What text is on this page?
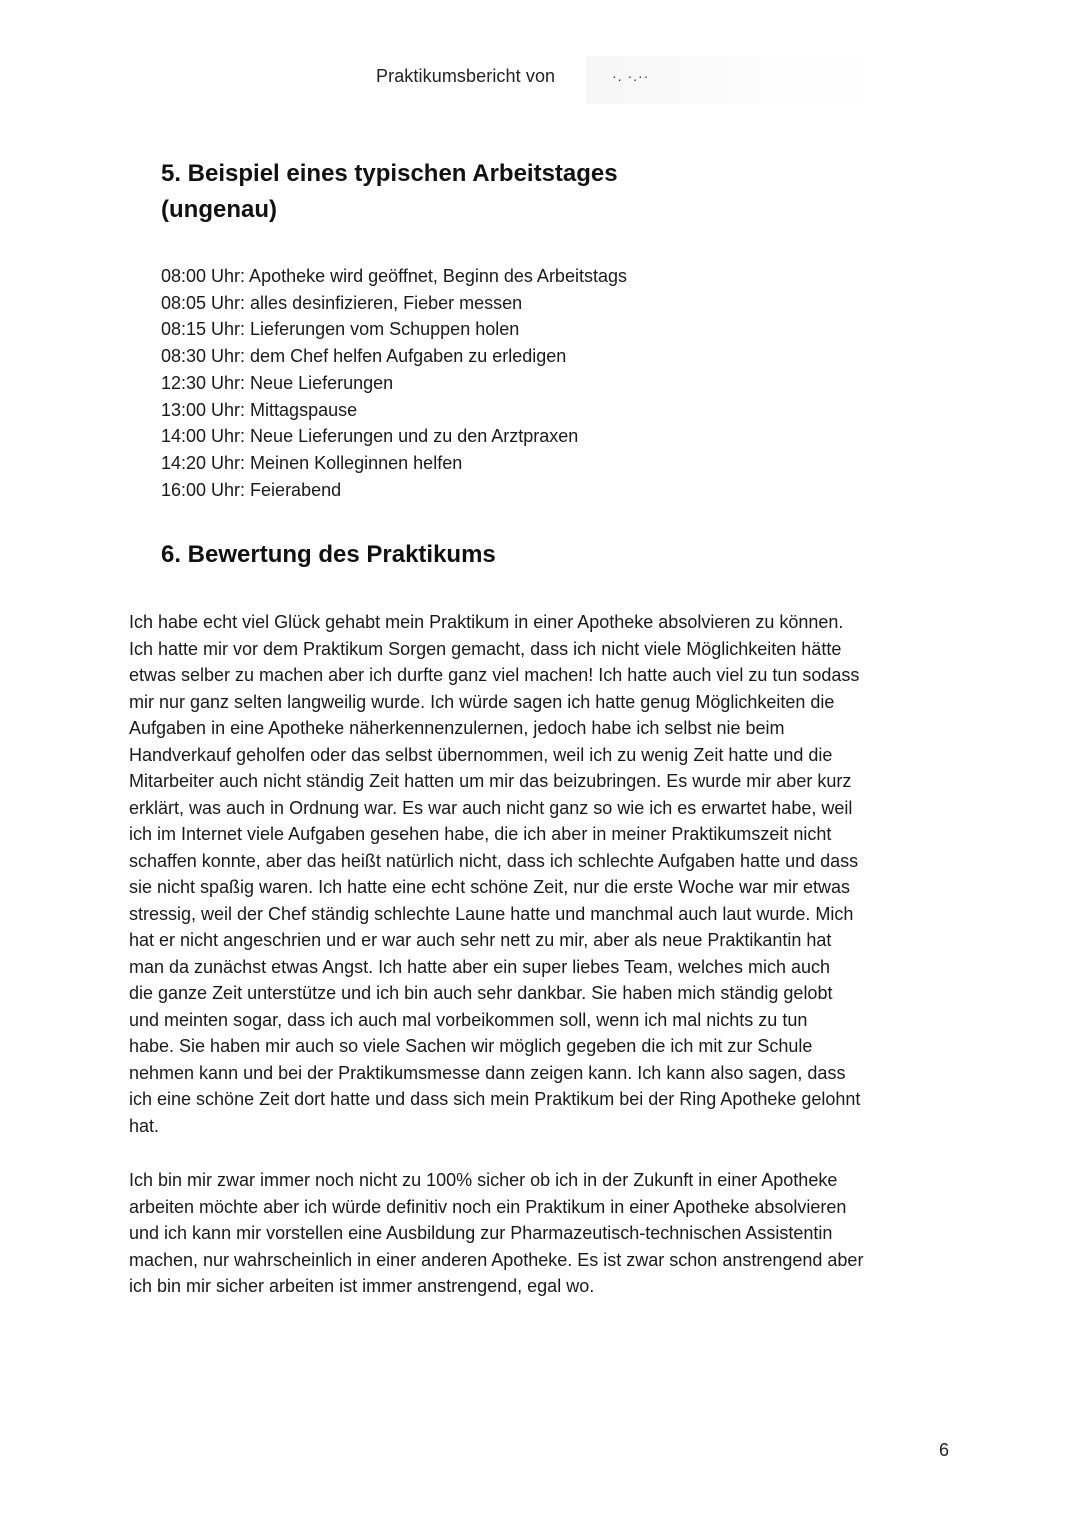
Praktikumsbericht von	·. ·.··
5. Beispiel eines typischen Arbeitstages
(ungenau)
08:00 Uhr: Apotheke wird geöffnet, Beginn des Arbeitstags
08:05 Uhr: alles desinfizieren, Fieber messen
08:15 Uhr: Lieferungen vom Schuppen holen
08:30 Uhr: dem Chef helfen Aufgaben zu erledigen
12:30 Uhr: Neue Lieferungen
13:00 Uhr: Mittagspause
14:00 Uhr: Neue Lieferungen und zu den Arztpraxen
14:20 Uhr: Meinen Kolleginnen helfen
16:00 Uhr: Feierabend
6. Bewertung des Praktikums

Ich habe echt viel Glück gehabt mein Praktikum in einer Apotheke absolvieren zu können.
Ich hatte mir vor dem Praktikum Sorgen gemacht, dass ich nicht viele Möglichkeiten hätte
etwas selber zu machen aber ich durfte ganz viel machen! Ich hatte auch viel zu tun sodass
mir nur ganz selten langweilig wurde. Ich würde sagen ich hatte genug Möglichkeiten die
Aufgaben in eine Apotheke näherkennenzulernen, jedoch habe ich selbst nie beim
Handverkauf geholfen oder das selbst übernommen, weil ich zu wenig Zeit hatte und die
Mitarbeiter auch nicht ständig Zeit hatten um mir das beizubringen. Es wurde mir aber kurz
erklärt, was auch in Ordnung war. Es war auch nicht ganz so wie ich es erwartet habe, weil
ich im Internet viele Aufgaben gesehen habe, die ich aber in meiner Praktikumszeit nicht
schaffen konnte, aber das heißt natürlich nicht, dass ich schlechte Aufgaben hatte und dass
sie nicht spaßig waren. Ich hatte eine echt schöne Zeit, nur die erste Woche war mir etwas
stressig, weil der Chef ständig schlechte Laune hatte und manchmal auch laut wurde. Mich
hat er nicht angeschrien und er war auch sehr nett zu mir, aber als neue Praktikantin hat
man da zunächst etwas Angst. Ich hatte aber ein super liebes Team, welches mich auch
die ganze Zeit unterstütze und ich bin auch sehr dankbar. Sie haben mich ständig gelobt
und meinten sogar, dass ich auch mal vorbeikommen soll, wenn ich mal nichts zu tun
habe. Sie haben mir auch so viele Sachen wir möglich gegeben die ich mit zur Schule
nehmen kann und bei der Praktikumsmesse dann zeigen kann. Ich kann also sagen, dass
ich eine schöne Zeit dort hatte und dass sich mein Praktikum bei der Ring Apotheke gelohnt
hat.

Ich bin mir zwar immer noch nicht zu 100% sicher ob ich in der Zukunft in einer Apotheke
arbeiten möchte aber ich würde definitiv noch ein Praktikum in einer Apotheke absolvieren
und ich kann mir vorstellen eine Ausbildung zur Pharmazeutisch-technischen Assistentin
machen, nur wahrscheinlich in einer anderen Apotheke. Es ist zwar schon anstrengend aber
ich bin mir sicher arbeiten ist immer anstrengend, egal wo.

6
